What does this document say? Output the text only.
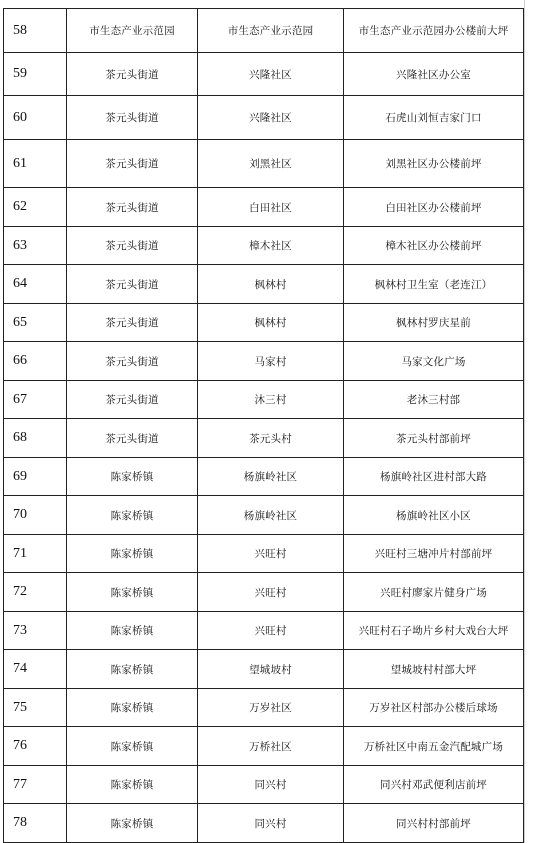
58	市生态产业示范园	市生态产业示范园	市生态产业示范园办公楼前大坪
59	茶元头街道	兴隆社区	兴隆社区办公室
60	茶元头街道	兴隆社区	石虎山刘恒吉家门口
61	茶元头街道	刘黑社区	刘黑社区办公楼前坪
62	茶元头街道	白田社区	白田社区办公楼前坪
63	茶元头街道	樟木社区	樟木社区办公楼前坪
64	茶元头街道	枫林村	枫林村卫生室（老连江）
65	茶元头街道	枫林村	枫林村罗庆星前
66	茶元头街道	马家村	马家文化广场
67	茶元头街道	沐三村	老沐三村部
68	茶元头街道	茶元头村	茶元头村部前坪
69	陈家桥镇	杨旗岭社区	杨旗岭社区进村部大路
70	陈家桥镇	杨旗岭社区	杨旗岭社区小区
71	陈家桥镇	兴旺村	兴旺村三塘冲片村部前坪
72	陈家桥镇	兴旺村	兴旺村廖家片健身广场
73	陈家桥镇	兴旺村	兴旺村石子坳片乡村大戏台大坪
74	陈家桥镇	望城坡村	望城坡村村部大坪
75	陈家桥镇	万岁社区	万岁社区村部办公楼后球场
76	陈家桥镇	万桥社区	万桥社区中南五金汽配城广场
77	陈家桥镇	同兴村	同兴村邓武便利店前坪
78	陈家桥镇	同兴村	同兴村村部前坪
